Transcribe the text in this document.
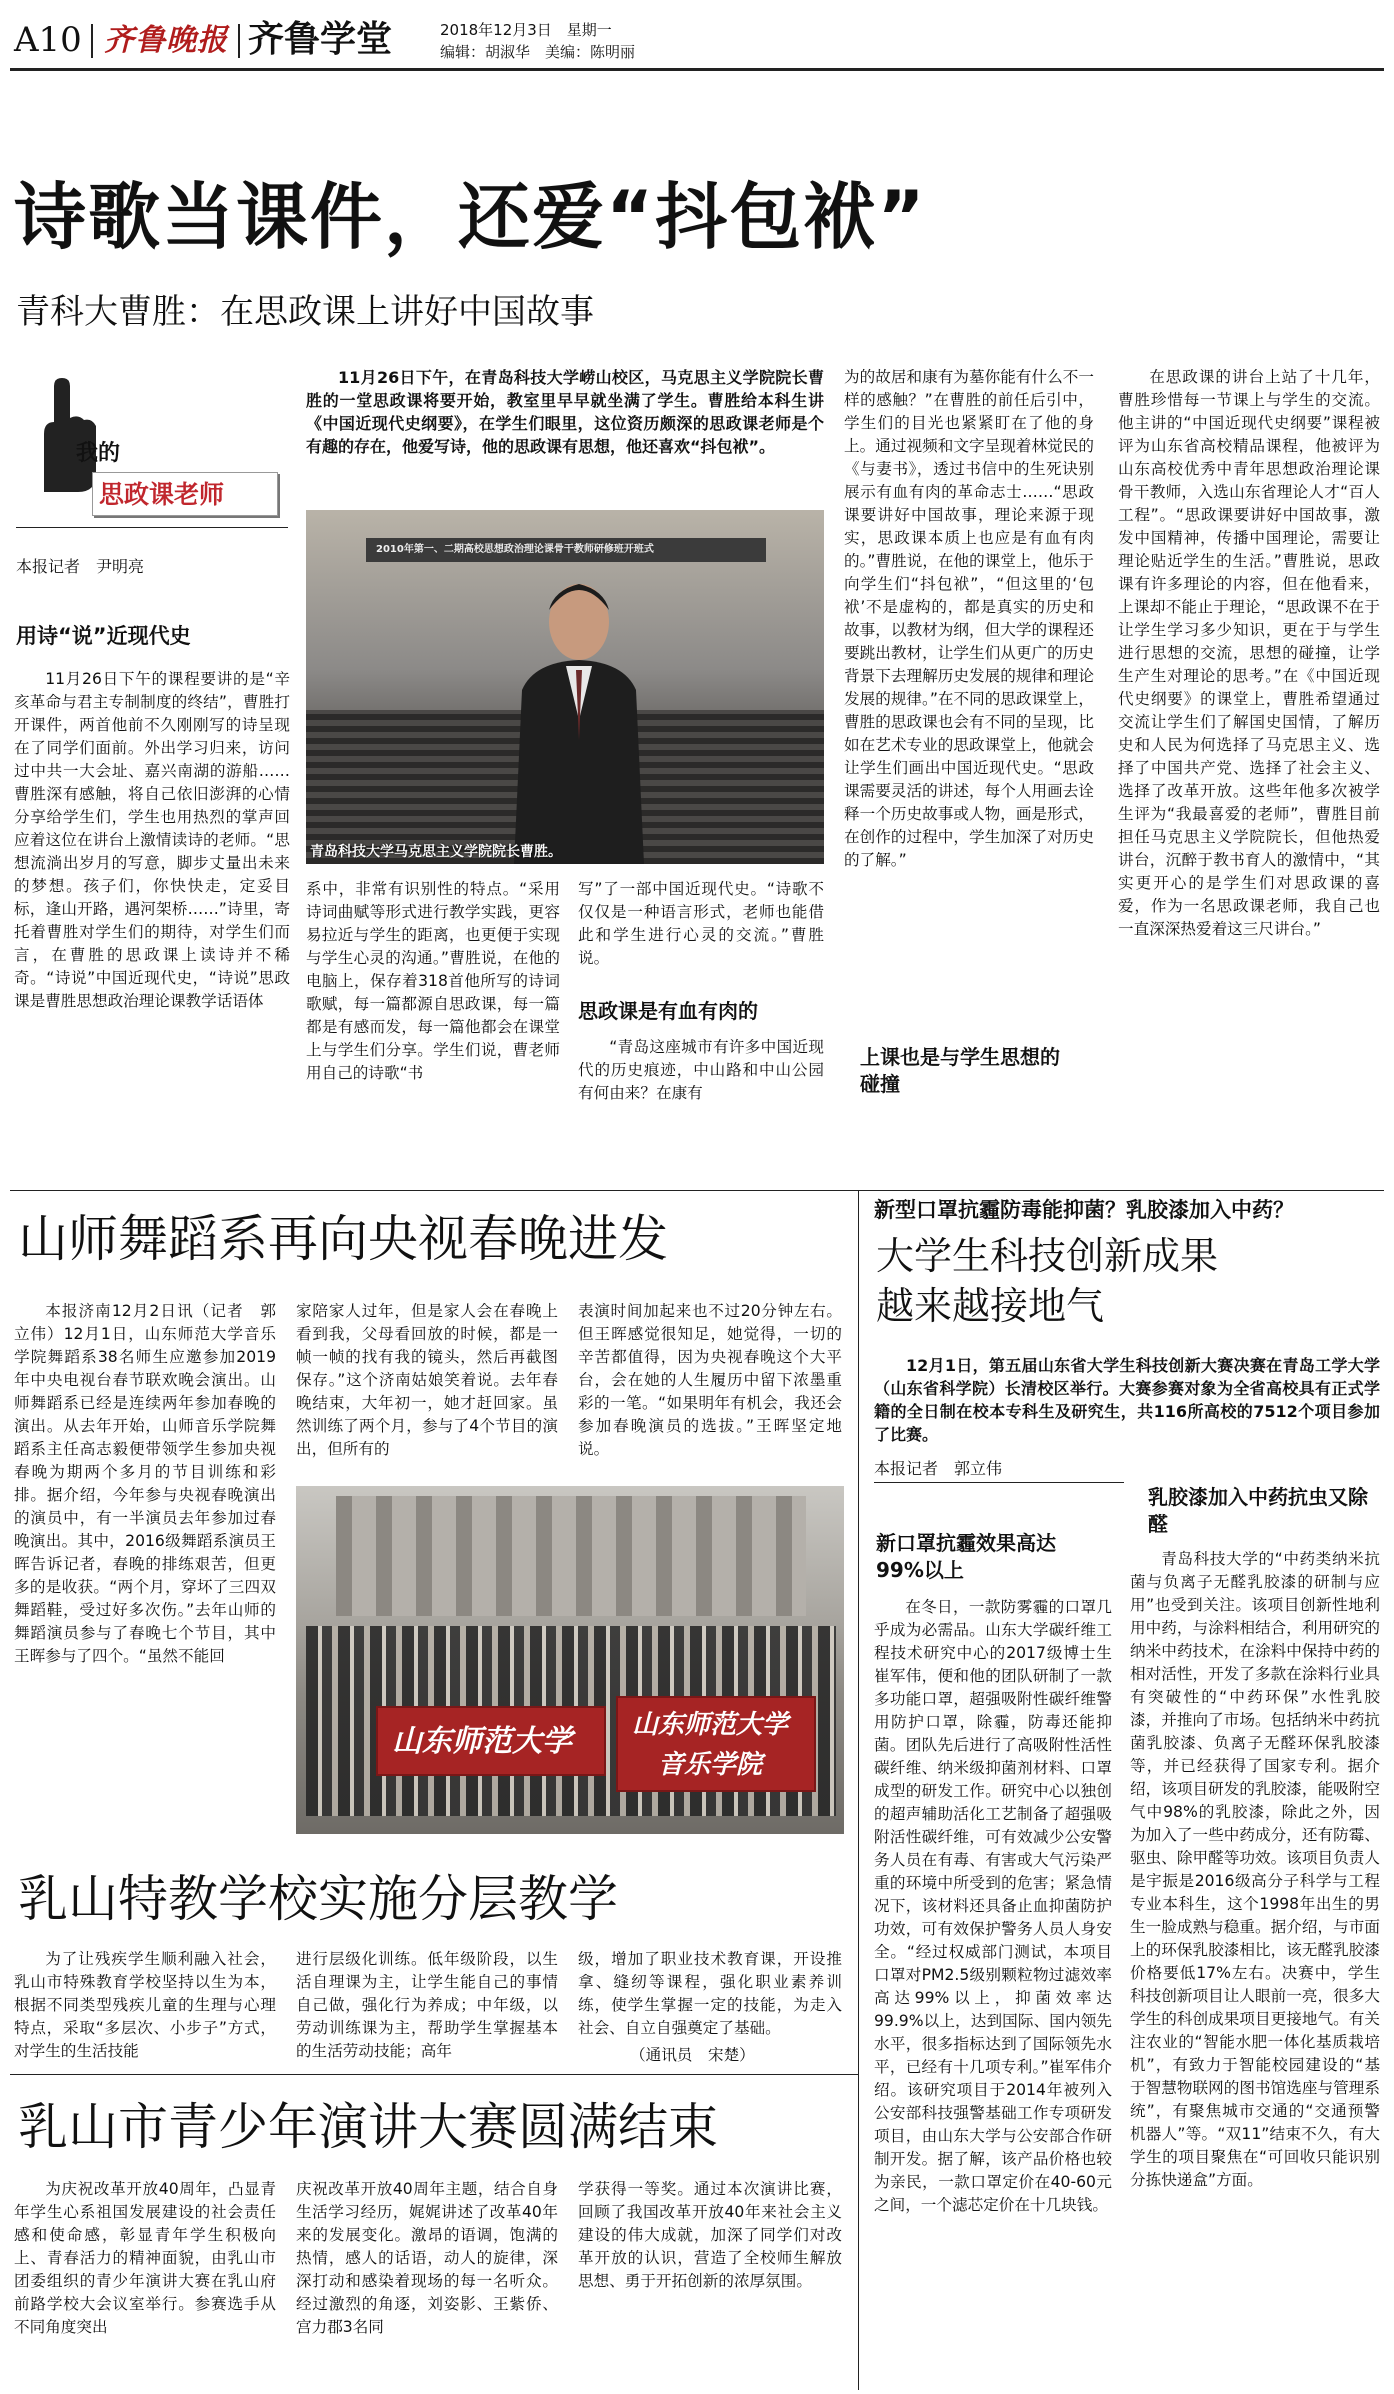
A10 齐鲁晚报 齐鲁学堂	2018年12月3日　星期一
编辑：胡淑华　美编：陈明丽
诗歌当课件，还爱“抖包袱”
青科大曹胜：在思政课上讲好中国故事
我的
思政课老师
本报记者　尹明亮
用诗“说”近现代史

11月26日下午的课程要讲的是“辛亥革命与君主专制制度的终结”，曹胜打开课件，两首他前不久刚刚写的诗呈现在了同学们面前。外出学习归来，访问过中共一大会址、嘉兴南湖的游船……曹胜深有感触，将自己依旧澎湃的心情分享给学生们，学生也用热烈的掌声回应着这位在讲台上激情读诗的老师。“思想流淌出岁月的写意，脚步丈量出未来的梦想。孩子们，你快快走，定妥目标，逢山开路，遇河架桥……”诗里，寄托着曹胜对学生们的期待，对学生们而言，在曹胜的思政课上读诗并不稀奇。“诗说”中国近现代史，“诗说”思政课是曹胜思想政治理论课教学话语体

11月26日下午，在青岛科技大学崂山校区，马克思主义学院院长曹胜的一堂思政课将要开始，教室里早早就坐满了学生。曹胜给本科生讲《中国近现代史纲要》，在学生们眼里，这位资历颇深的思政课老师是个有趣的存在，他爱写诗，他的思政课有思想，他还喜欢“抖包袱”。

2010年第一、二期高校思想政治理论课骨干教师研修班开班式
青岛科技大学马克思主义学院院长曹胜。

系中，非常有识别性的特点。“采用诗词曲赋等形式进行教学实践，更容易拉近与学生的距离，也更便于实现与学生心灵的沟通。”曹胜说，在他的电脑上，保存着318首他所写的诗词歌赋，每一篇都源自思政课，每一篇都是有感而发，每一篇他都会在课堂上与学生们分享。学生们说，曹老师用自己的诗歌“书

写”了一部中国近现代史。“诗歌不仅仅是一种语言形式，老师也能借此和学生进行心灵的交流。”曹胜说。

思政课是有血有肉的

“青岛这座城市有许多中国近现代的历史痕迹，中山路和中山公园有何由来？在康有

为的故居和康有为墓你能有什么不一样的感触？”在曹胜的前任后引中，学生们的目光也紧紧盯在了他的身上。通过视频和文字呈现着林觉民的《与妻书》，透过书信中的生死诀别展示有血有肉的革命志士……“思政课要讲好中国故事，理论来源于现实，思政课本质上也应是有血有肉的。”曹胜说，在他的课堂上，他乐于向学生们“抖包袱”，“但这里的‘包袱’不是虚构的，都是真实的历史和故事，以教材为纲，但大学的课程还要跳出教材，让学生们从更广的历史背景下去理解历史发展的规律和理论发展的规律。”在不同的思政课堂上，曹胜的思政课也会有不同的呈现，比如在艺术专业的思政课堂上，他就会让学生们画出中国近现代史。“思政课需要灵活的讲述，每个人用画去诠释一个历史故事或人物，画是形式，在创作的过程中，学生加深了对历史的了解。”

上课也是与学生思想的碰撞

在思政课的讲台上站了十几年，曹胜珍惜每一节课上与学生的交流。他主讲的“中国近现代史纲要”课程被评为山东省高校精品课程，他被评为山东高校优秀中青年思想政治理论课骨干教师，入选山东省理论人才“百人工程”。“思政课要讲好中国故事，激发中国精神，传播中国理论，需要让理论贴近学生的生活。”曹胜说，思政课有许多理论的内容，但在他看来，上课却不能止于理论，“思政课不在于让学生学习多少知识，更在于与学生进行思想的交流，思想的碰撞，让学生产生对理论的思考。”在《中国近现代史纲要》的课堂上，曹胜希望通过交流让学生们了解国史国情，了解历史和人民为何选择了马克思主义、选择了中国共产党、选择了社会主义、选择了改革开放。这些年他多次被学生评为“我最喜爱的老师”，曹胜目前担任马克思主义学院院长，但他热爱讲台，沉醉于教书育人的激情中，“其实更开心的是学生们对思政课的喜爱，作为一名思政课老师，我自己也一直深深热爱着这三尺讲台。”

山师舞蹈系再向央视春晚进发

本报济南12月2日讯（记者　郭立伟）12月1日，山东师范大学音乐学院舞蹈系38名师生应邀参加2019年中央电视台春节联欢晚会演出。山师舞蹈系已经是连续两年参加春晚的演出。从去年开始，山师音乐学院舞蹈系主任高志毅便带领学生参加央视春晚为期两个多月的节目训练和彩排。据介绍，今年参与央视春晚演出的演员中，有一半演员去年参加过春晚演出。其中，2016级舞蹈系演员王晖告诉记者，春晚的排练艰苦，但更多的是收获。“两个月，穿坏了三四双舞蹈鞋，受过好多次伤。”去年山师的舞蹈演员参与了春晚七个节目，其中王晖参与了四个。“虽然不能回

家陪家人过年，但是家人会在春晚上看到我，父母看回放的时候，都是一帧一帧的找有我的镜头，然后再截图保存。”这个济南姑娘笑着说。去年春晚结束，大年初一，她才赶回家。虽然训练了两个月，参与了4个节目的演出，但所有的

表演时间加起来也不过20分钟左右。但王晖感觉很知足，她觉得，一切的辛苦都值得，因为央视春晚这个大平台，会在她的人生履历中留下浓墨重彩的一笔。“如果明年有机会，我还会参加春晚演员的选拔。”王晖坚定地说。

山东师范大学 山东师范大学
音乐学院
乳山特教学校实施分层教学

为了让残疾学生顺利融入社会，乳山市特殊教育学校坚持以生为本，根据不同类型残疾儿童的生理与心理特点，采取“多层次、小步子”方式，对学生的生活技能

进行层级化训练。低年级阶段，以生活自理课为主，让学生能自己的事情自己做，强化行为养成；中年级，以劳动训练课为主，帮助学生掌握基本的生活劳动技能；高年

级，增加了职业技术教育课，开设推拿、缝纫等课程，强化职业素养训练，使学生掌握一定的技能，为走入社会、自立自强奠定了基础。

（通讯员　宋楚）
乳山市青少年演讲大赛圆满结束

为庆祝改革开放40周年，凸显青年学生心系祖国发展建设的社会责任感和使命感，彰显青年学生积极向上、青春活力的精神面貌，由乳山市团委组织的青少年演讲大赛在乳山府前路学校大会议室举行。参赛选手从不同角度突出

庆祝改革开放40周年主题，结合自身生活学习经历，娓娓讲述了改革40年来的发展变化。激昂的语调，饱满的热情，感人的话语，动人的旋律，深深打动和感染着现场的每一名听众。经过激烈的角逐，刘姿影、王紫侨、宫力郡3名同

学获得一等奖。通过本次演讲比赛，回顾了我国改革开放40年来社会主义建设的伟大成就，加深了同学们对改革开放的认识，营造了全校师生解放思想、勇于开拓创新的浓厚氛围。

新型口罩抗霾防毒能抑菌？乳胶漆加入中药？
大学生科技创新成果
越来越接地气

12月1日，第五届山东省大学生科技创新大赛决赛在青岛工学大学（山东省科学院）长清校区举行。大赛参赛对象为全省高校具有正式学籍的全日制在校本专科生及研究生，共116所高校的7512个项目参加了比赛。

本报记者　郭立伟
新口罩抗霾效果高达99%以上

在冬日，一款防雾霾的口罩几乎成为必需品。山东大学碳纤维工程技术研究中心的2017级博士生崔军伟，便和他的团队研制了一款多功能口罩，超强吸附性碳纤维警用防护口罩，除霾，防毒还能抑菌。团队先后进行了高吸附性活性碳纤维、纳米级抑菌剂材料、口罩成型的研发工作。研究中心以独创的超声辅助活化工艺制备了超强吸附活性碳纤维，可有效减少公安警务人员在有毒、有害或大气污染严重的环境中所受到的危害；紧急情况下，该材料还具备止血抑菌防护功效，可有效保护警务人员人身安全。“经过权威部门测试，本项目口罩对PM2.5级别颗粒物过滤效率高达99%以上，抑菌效率达99.9%以上，达到国际、国内领先水平，很多指标达到了国际领先水平，已经有十几项专利。”崔军伟介绍。该研究项目于2014年被列入公安部科技强警基础工作专项研发项目，由山东大学与公安部合作研制开发。据了解，该产品价格也较为亲民，一款口罩定价在40-60元之间，一个滤芯定价在十几块钱。

乳胶漆加入中药抗虫又除醛

青岛科技大学的“中药类纳米抗菌与负离子无醛乳胶漆的研制与应用”也受到关注。该项目创新性地利用中药，与涂料相结合，利用研究的纳米中药技术，在涂料中保持中药的相对活性，开发了多款在涂料行业具有突破性的“中药环保”水性乳胶漆，并推向了市场。包括纳米中药抗菌乳胶漆、负离子无醛环保乳胶漆等，并已经获得了国家专利。据介绍，该项目研发的乳胶漆，能吸附空气中98%的乳胶漆，除此之外，因为加入了一些中药成分，还有防霉、驱虫、除甲醛等功效。该项目负责人是宇振是2016级高分子科学与工程专业本科生，这个1998年出生的男生一脸成熟与稳重。据介绍，与市面上的环保乳胶漆相比，该无醛乳胶漆价格要低17%左右。决赛中，学生科技创新项目让人眼前一亮，很多大学生的科创成果项目更接地气。有关注农业的“智能水肥一体化基质栽培机”，有致力于智能校园建设的“基于智慧物联网的图书馆选座与管理系统”，有聚焦城市交通的“交通预警机器人”等。“双11”结束不久，有大学生的项目聚焦在“可回收只能识别分拣快递盒”方面。
